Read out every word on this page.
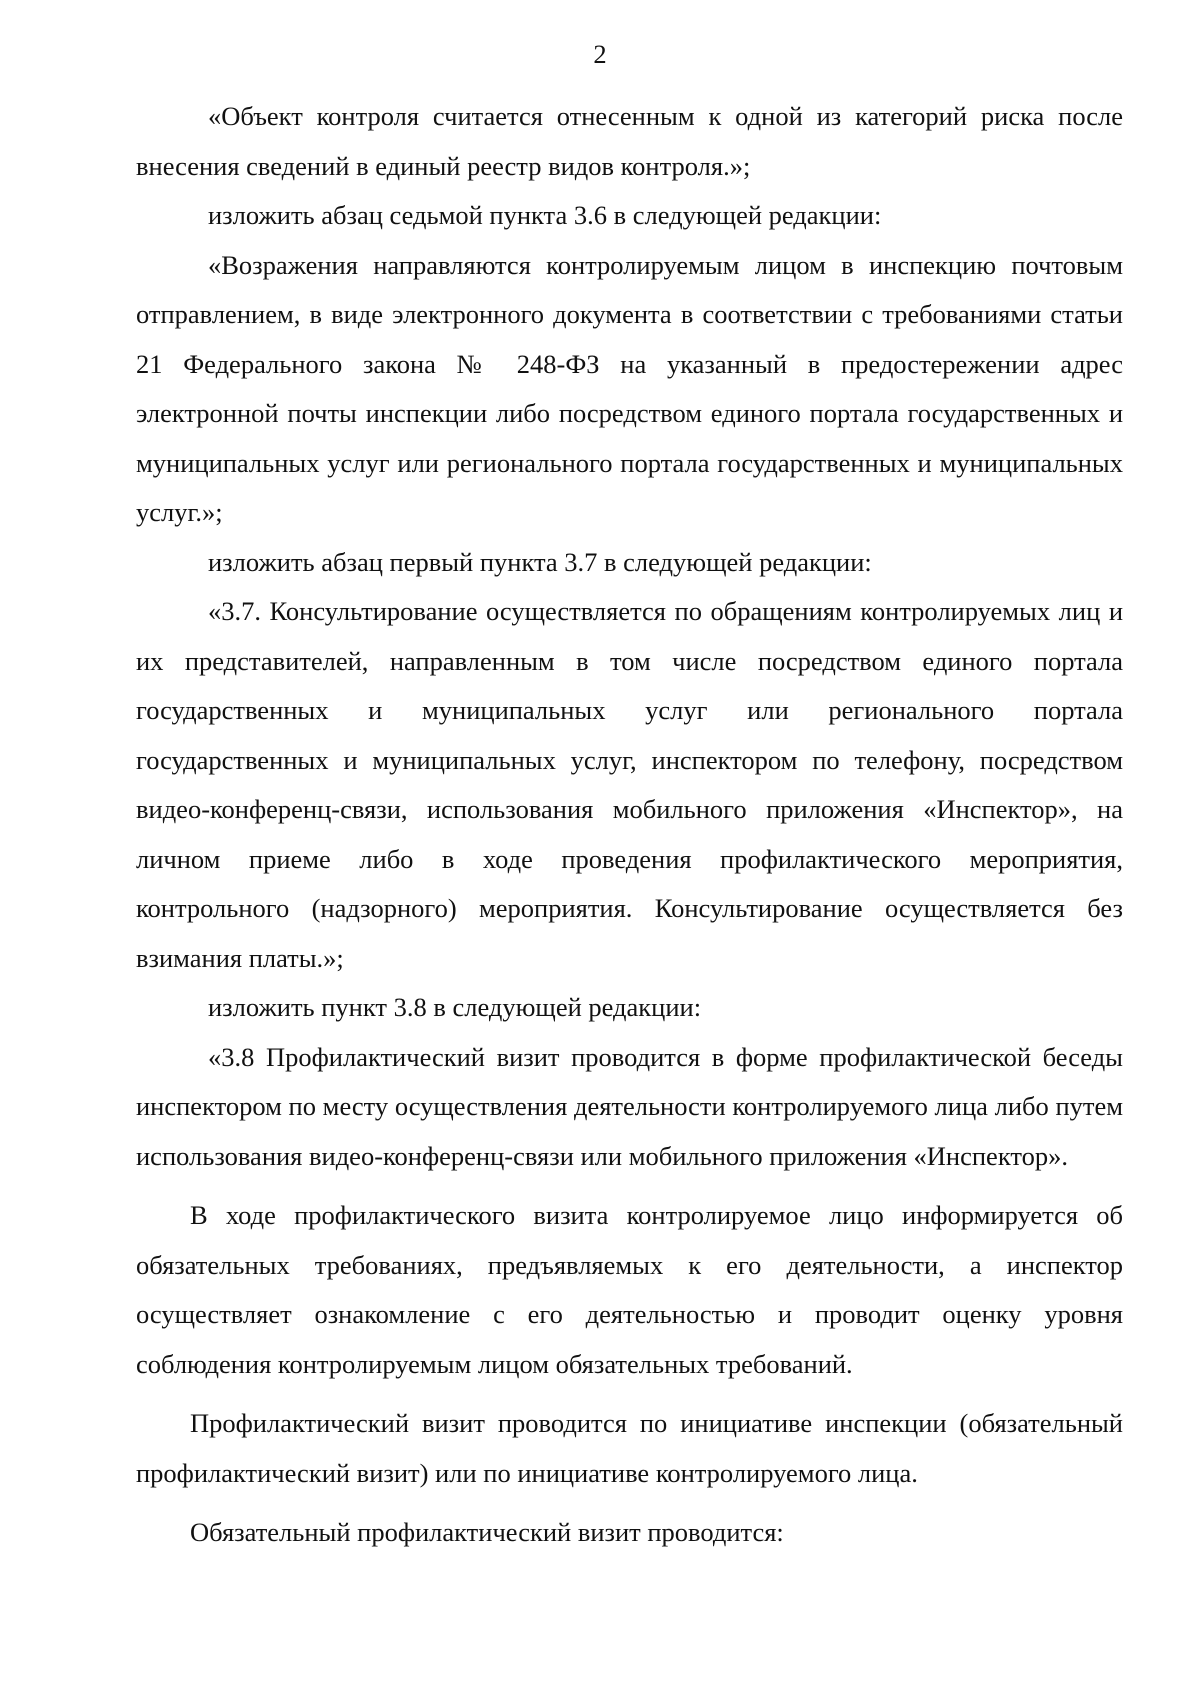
2

«Объект контроля считается отнесенным к одной из категорий риска после внесения сведений в единый реестр видов контроля.»;

изложить абзац седьмой пункта 3.6 в следующей редакции:

«Возражения направляются контролируемым лицом в инспекцию почтовым отправлением, в виде электронного документа в соответствии с требованиями статьи 21 Федерального закона № 248-ФЗ на указанный в предостережении адрес электронной почты инспекции либо посредством единого портала государственных и муниципальных услуг или регионального портала государственных и муниципальных услуг.»;

изложить абзац первый пункта 3.7 в следующей редакции:

«3.7. Консультирование осуществляется по обращениям контролируемых лиц и их представителей, направленным в том числе посредством единого портала государственных и муниципальных услуг или регионального портала государственных и муниципальных услуг, инспектором по телефону, посредством видео-конференц-связи, использования мобильного приложения «Инспектор», на личном приеме либо в ходе проведения профилактического мероприятия, контрольного (надзорного) мероприятия. Консультирование осуществляется без взимания платы.»;

изложить пункт 3.8 в следующей редакции:

«3.8 Профилактический визит проводится в форме профилактической беседы инспектором по месту осуществления деятельности контролируемого лица либо путем использования видео-конференц-связи или мобильного приложения «Инспектор».

В ходе профилактического визита контролируемое лицо информируется об обязательных требованиях, предъявляемых к его деятельности, а инспектор осуществляет ознакомление с его деятельностью и проводит оценку уровня соблюдения контролируемым лицом обязательных требований.

Профилактический визит проводится по инициативе инспекции (обязательный профилактический визит) или по инициативе контролируемого лица.

Обязательный профилактический визит проводится:
